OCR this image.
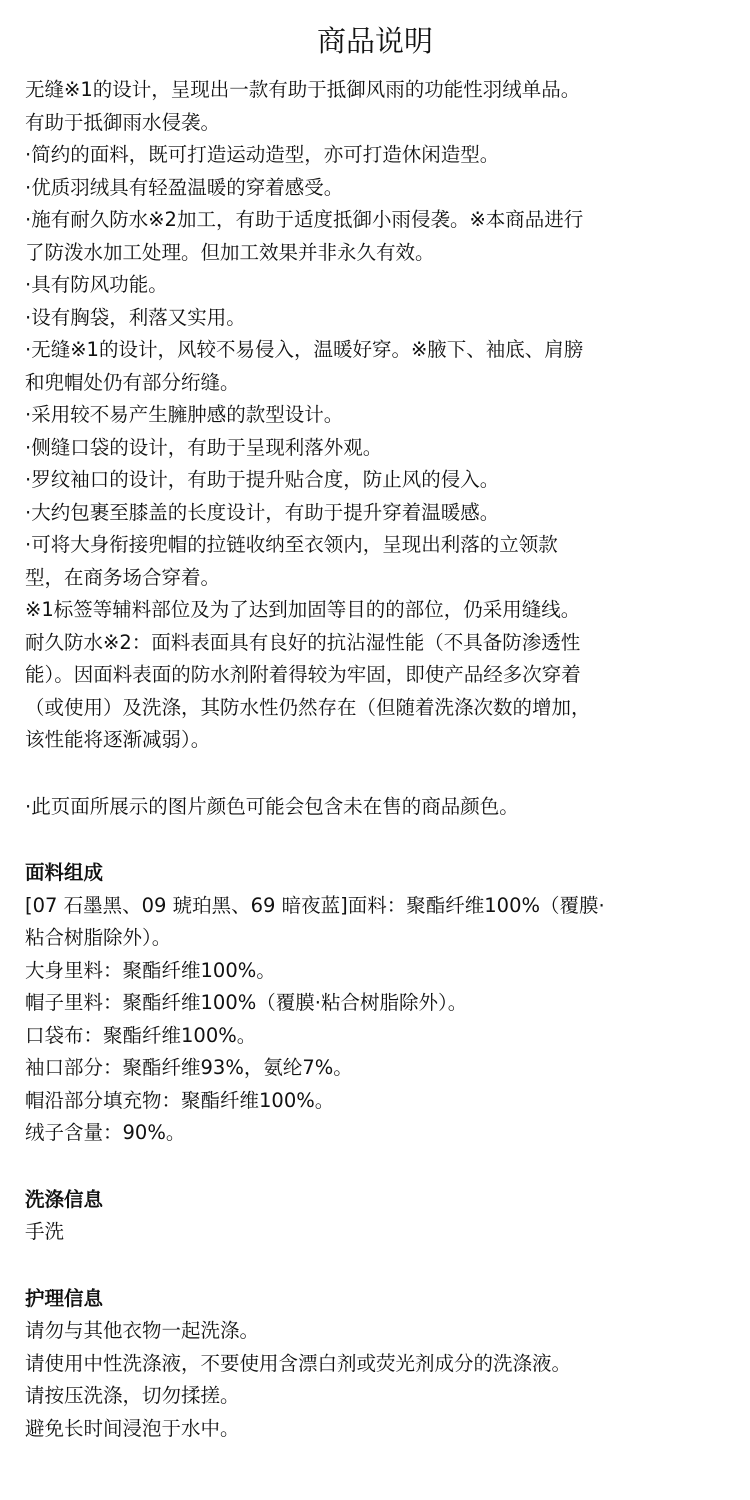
商品说明

无缝※1的设计，呈现出一款有助于抵御风雨的功能性羽绒单品。

有助于抵御雨水侵袭。

·简约的面料，既可打造运动造型，亦可打造休闲造型。

·优质羽绒具有轻盈温暖的穿着感受。

·施有耐久防水※2加工，有助于适度抵御小雨侵袭。※本商品进行

了防泼水加工处理。但加工效果并非永久有效。

·具有防风功能。

·设有胸袋，利落又实用。

·无缝※1的设计，风较不易侵入，温暖好穿。※腋下、袖底、肩膀

和兜帽处仍有部分绗缝。

·采用较不易产生臃肿感的款型设计。

·侧缝口袋的设计，有助于呈现利落外观。

·罗纹袖口的设计，有助于提升贴合度，防止风的侵入。

·大约包裹至膝盖的长度设计，有助于提升穿着温暖感。

·可将大身衔接兜帽的拉链收纳至衣领内，呈现出利落的立领款

型，在商务场合穿着。

※1标签等辅料部位及为了达到加固等目的的部位，仍采用缝线。

耐久防水※2：面料表面具有良好的抗沾湿性能（不具备防渗透性

能）。因面料表面的防水剂附着得较为牢固，即使产品经多次穿着

（或使用）及洗涤，其防水性仍然存在（但随着洗涤次数的增加，

该性能将逐渐减弱）。

·此页面所展示的图片颜色可能会包含未在售的商品颜色。

面料组成

[07 石墨黑、09 琥珀黑、69 暗夜蓝]面料：聚酯纤维100%（覆膜·

粘合树脂除外）。

大身里料：聚酯纤维100%。

帽子里料：聚酯纤维100%（覆膜·粘合树脂除外）。

口袋布：聚酯纤维100%。

袖口部分：聚酯纤维93%，氨纶7%。

帽沿部分填充物：聚酯纤维100%。

绒子含量：90%。

洗涤信息

手洗

护理信息

请勿与其他衣物一起洗涤。

请使用中性洗涤液，不要使用含漂白剂或荧光剂成分的洗涤液。

请按压洗涤，切勿揉搓。

避免长时间浸泡于水中。
